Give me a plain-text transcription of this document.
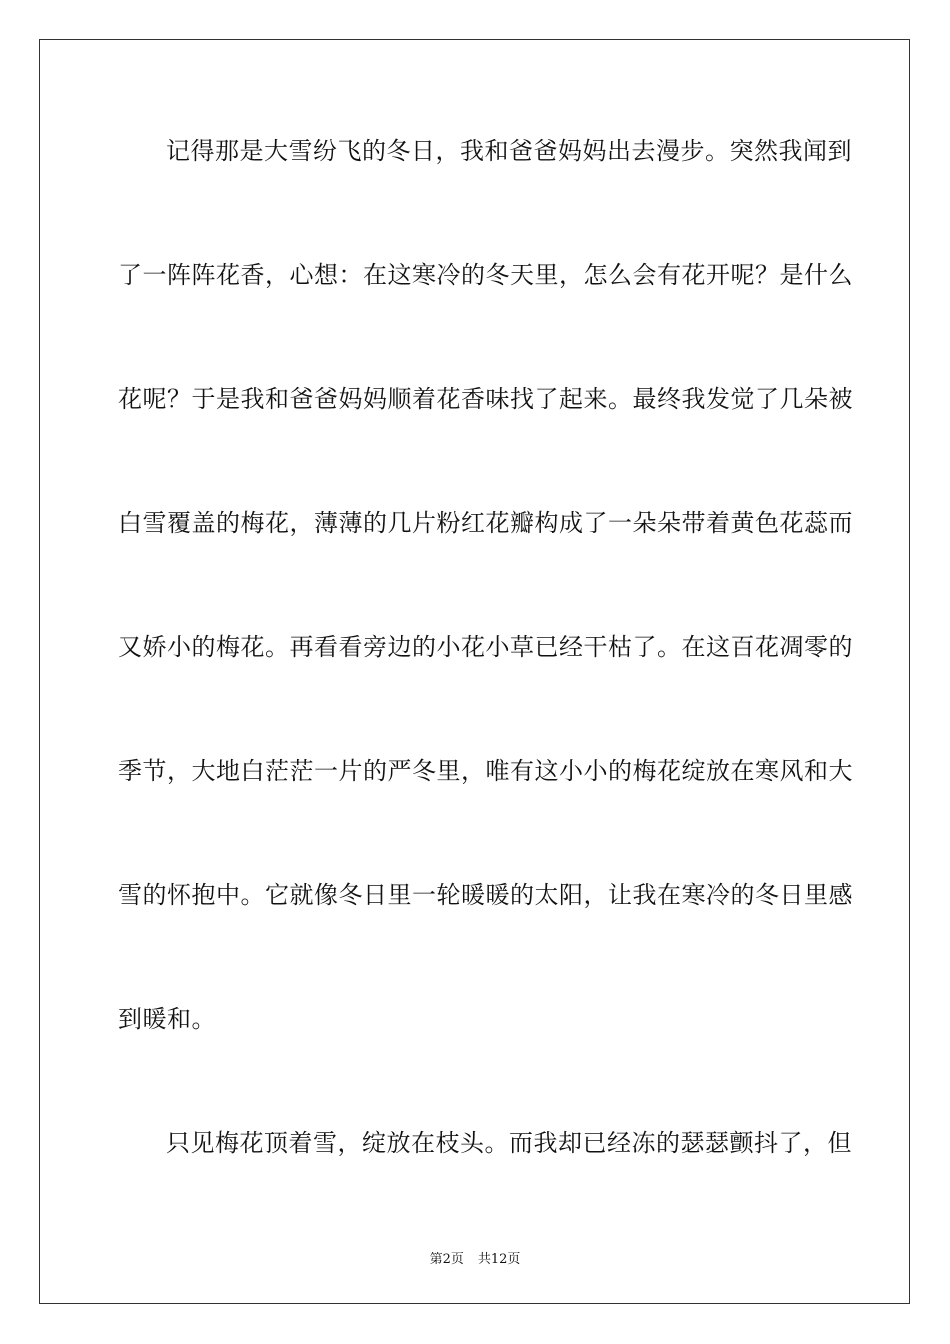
记得那是大雪纷飞的冬日，我和爸爸妈妈出去漫步。突然我闻到
了一阵阵花香，心想：在这寒冷的冬天里，怎么会有花开呢？是什么
花呢？于是我和爸爸妈妈顺着花香味找了起来。最终我发觉了几朵被
白雪覆盖的梅花，薄薄的几片粉红花瓣构成了一朵朵带着黄色花蕊而
又娇小的梅花。再看看旁边的小花小草已经干枯了。在这百花凋零的
季节，大地白茫茫一片的严冬里，唯有这小小的梅花绽放在寒风和大
雪的怀抱中。它就像冬日里一轮暖暖的太阳，让我在寒冷的冬日里感
到暖和。
只见梅花顶着雪，绽放在枝头。而我却已经冻的瑟瑟颤抖了，但
第2页 共12页
